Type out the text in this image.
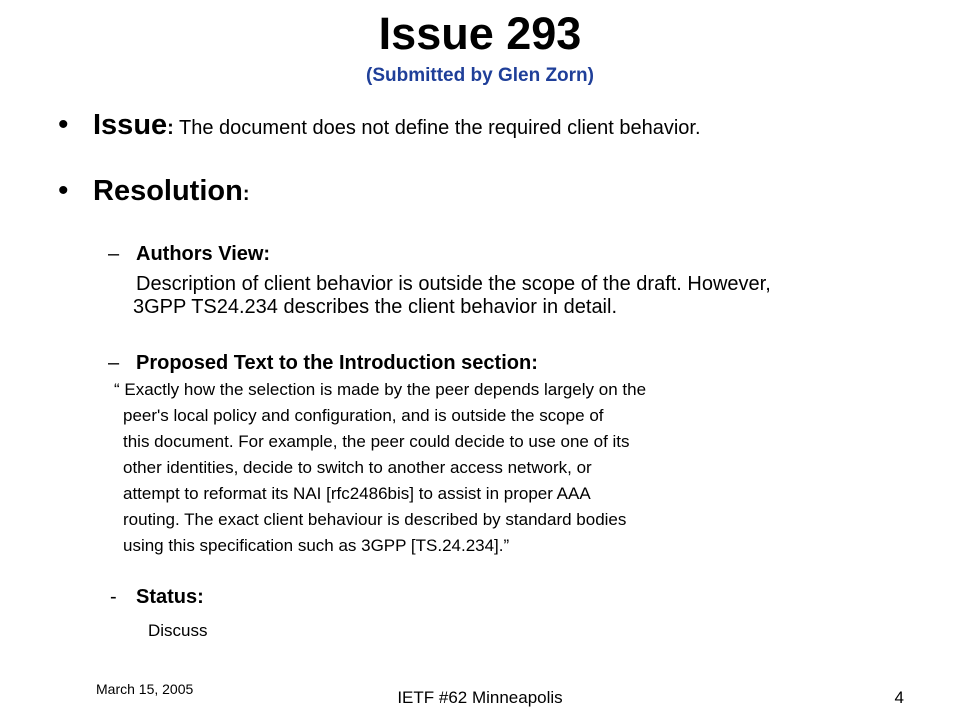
Issue 293
(Submitted by Glen Zorn)
• Issue: The document does not define the required client behavior.
• Resolution:
– Authors View:
Description of client behavior is outside the scope of the draft. However,
3GPP TS24.234 describes the client behavior in detail.
– Proposed Text to the Introduction section:
“ Exactly how the selection is made by the peer depends largely on the
peer's local policy and configuration, and is outside the scope of
this document. For example, the peer could decide to use one of its
other identities, decide to switch to another access network, or
attempt to reformat its NAI [rfc2486bis] to assist in proper AAA
routing. The exact client behaviour is described by standard bodies
using this specification such as 3GPP [TS.24.234].”
- Status:
Discuss
March 15, 2005	IETF #62 Minneapolis	4
